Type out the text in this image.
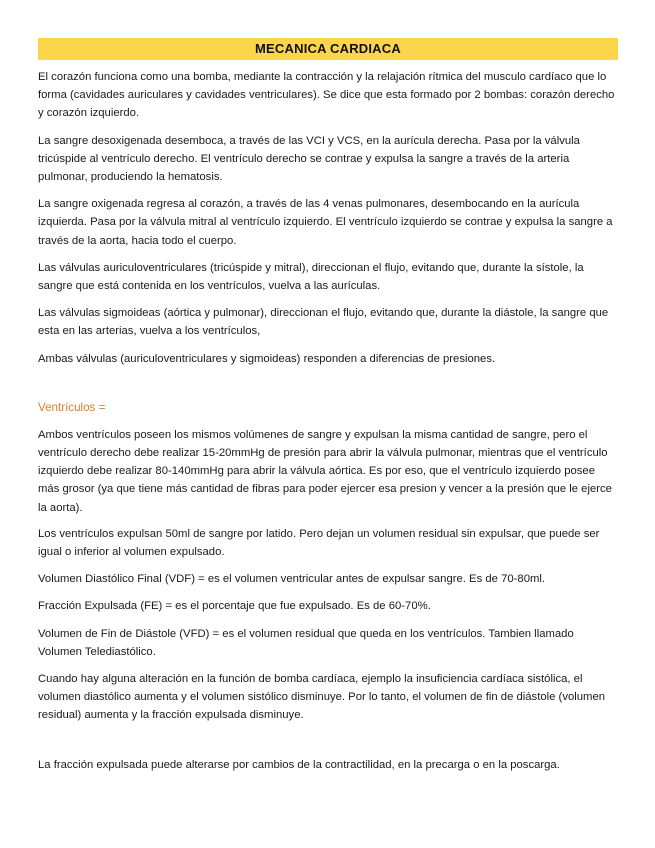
MECANICA CARDIACA

El corazón funciona como una bomba, mediante la contracción y la relajación rítmica del musculo cardíaco que lo forma (cavidades auriculares y cavidades ventriculares). Se dice que esta formado por 2 bombas: corazón derecho y corazón izquierdo.

La sangre desoxigenada desemboca, a través de las VCI y VCS, en la aurícula derecha. Pasa por la válvula tricúspide al ventrículo derecho. El ventrículo derecho se contrae y expulsa la sangre a través de la arteria pulmonar, produciendo la hematosis.

La sangre oxigenada regresa al corazón, a través de las 4 venas pulmonares, desembocando en la aurícula izquierda. Pasa por la válvula mitral al ventrículo izquierdo. El ventrículo izquierdo se contrae y expulsa la sangre a través de la aorta, hacia todo el cuerpo.

Las válvulas auriculoventriculares (tricúspide y mitral), direccionan el flujo, evitando que, durante la sístole, la sangre que está contenida en los ventrículos, vuelva a las aurículas.

Las válvulas sigmoideas (aórtica y pulmonar), direccionan el flujo, evitando que, durante la diástole, la sangre que esta en las arterias, vuelva a los ventrículos,

Ambas válvulas (auriculoventriculares y sigmoideas) responden a diferencias de presiones.

Ventrículos =

Ambos ventrículos poseen los mismos volúmenes de sangre y expulsan la misma cantidad de sangre, pero el ventrículo derecho debe realizar 15-20mmHg de presión para abrir la válvula pulmonar, mientras que el ventrículo izquierdo debe realizar 80-140mmHg para abrir la válvula aórtica. Es por eso, que el ventrículo izquierdo posee más grosor (ya que tiene más cantidad de fibras para poder ejercer esa presion y vencer a la presión que le ejerce la aorta).

Los ventrículos expulsan 50ml de sangre por latido. Pero dejan un volumen residual sin expulsar, que puede ser igual o inferior al volumen expulsado.

Volumen Diastólico Final (VDF) = es el volumen ventricular antes de expulsar sangre. Es de 70-80ml.

Fracción Expulsada (FE) = es el porcentaje que fue expulsado. Es de 60-70%.

Volumen de Fin de Diástole (VFD) = es el volumen residual que queda en los ventrículos. Tambien llamado Volumen Telediastólico.

Cuando hay alguna alteración en la función de bomba cardíaca, ejemplo la insuficiencia cardíaca sistólica, el volumen diastólico aumenta y el volumen sistólico disminuye. Por lo tanto, el volumen de fin de diástole (volumen residual) aumenta y la fracción expulsada disminuye.

La fracción expulsada puede alterarse por cambios de la contractilidad, en la precarga o en la poscarga.
